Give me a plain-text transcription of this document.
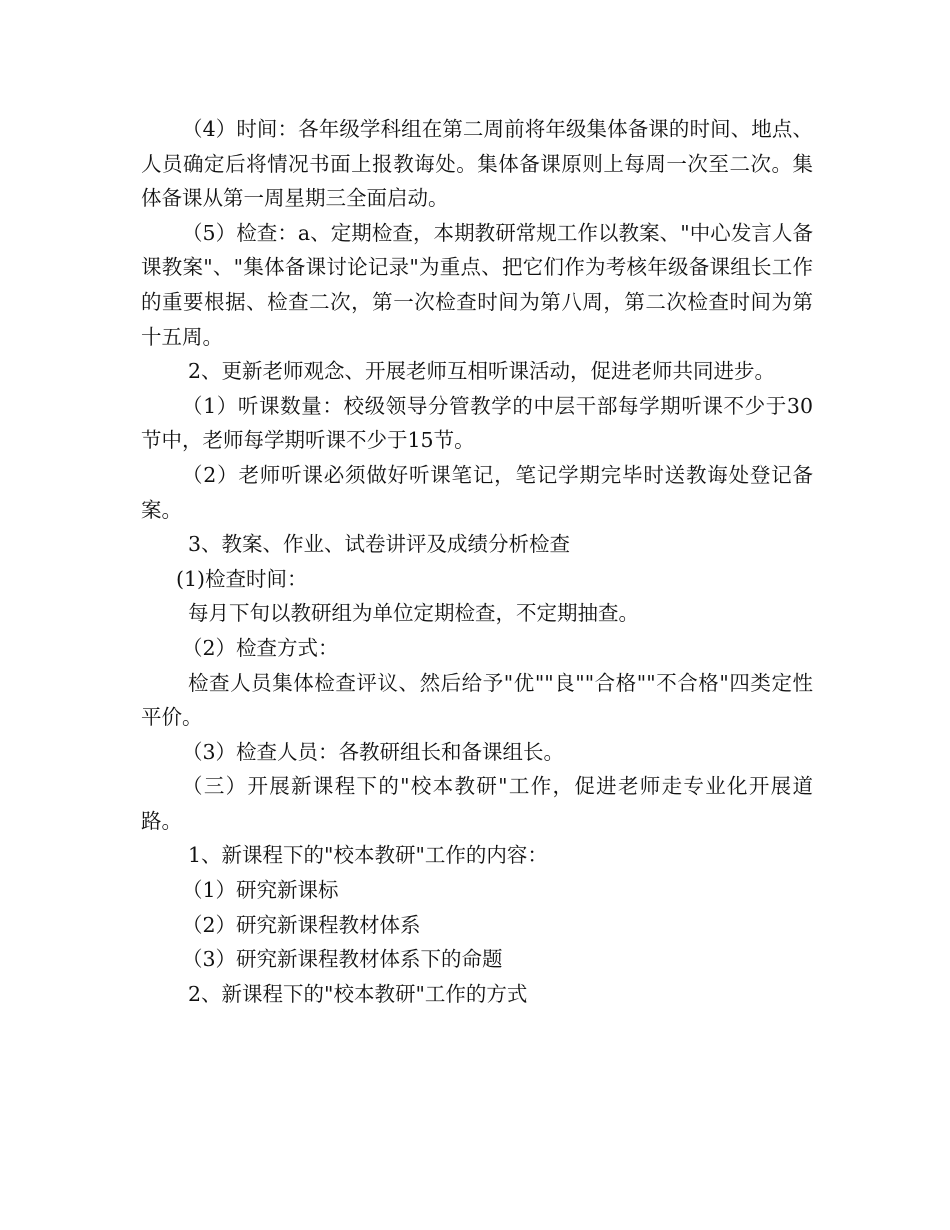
（4）时间：各年级学科组在第二周前将年级集体备课的时间、地点、人员确定后将情况书面上报教诲处。集体备课原则上每周一次至二次。集体备课从第一周星期三全面启动。

（5）检查：a、定期检查，本期教研常规工作以教案、"中心发言人备课教案"、"集体备课讨论记录"为重点、把它们作为考核年级备课组长工作的重要根据、检查二次，第一次检查时间为第八周，第二次检查时间为第十五周。

2、更新老师观念、开展老师互相听课活动，促进老师共同进步。

（1）听课数量：校级领导分管教学的中层干部每学期听课不少于30节中，老师每学期听课不少于15节。

（2）老师听课必须做好听课笔记，笔记学期完毕时送教诲处登记备案。

3、教案、作业、试卷讲评及成绩分析检查

(1)检查时间：

每月下旬以教研组为单位定期检查，不定期抽查。

（2）检查方式：

检查人员集体检查评议、然后给予"优""良""合格""不合格"四类定性平价。

（3）检查人员：各教研组长和备课组长。

（三）开展新课程下的"校本教研"工作，促进老师走专业化开展道路。

1、新课程下的"校本教研"工作的内容：

（1）研究新课标

（2）研究新课程教材体系

（3）研究新课程教材体系下的命题

2、新课程下的"校本教研"工作的方式
